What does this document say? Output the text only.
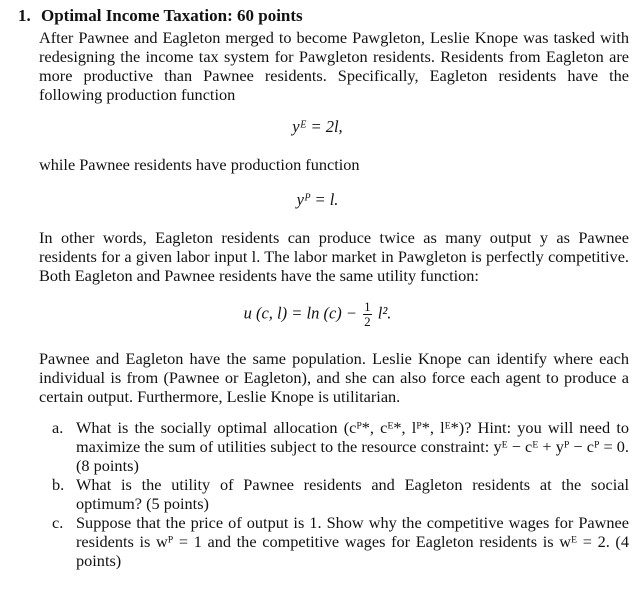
1. Optimal Income Taxation: 60 points

After Pawnee and Eagleton merged to become Pawgleton, Leslie Knope was tasked with redesigning the income tax system for Pawgleton residents. Residents from Eagleton are more productive than Pawnee residents. Specifically, Eagleton residents have the following production function

yᴱ = 2l,

while Pawnee residents have production function

yᴾ = l.

In other words, Eagleton residents can produce twice as many output y as Pawnee residents for a given labor input l. The labor market in Pawgleton is perfectly competitive. Both Eagleton and Pawnee residents have the same utility function:

u (c, $l) = \ln (c) - \frac{1}{2} l^2$.

Pawnee and Eagleton have the same population. Leslie Knope can identify where each individual is from (Pawnee or Eagleton), and she can also force each agent to produce a certain output. Furthermore, Leslie Knope is utilitarian.

a. What is the socially optimal allocation (cᴾ*, cᴱ*, lᴾ*, lᴱ*)? Hint: you will need to maximize the sum of utilities subject to the resource constraint: yᴱ − cᴱ + yᴾ − cᴾ = 0. (8 points)
b. What is the utility of Pawnee residents and Eagleton residents at the social optimum? (5 points)
c. Suppose that the price of output is 1. Show why the competitive wages for Pawnee residents is wᴾ = 1 and the competitive wages for Eagleton residents is wᴱ = 2. (4 points)
